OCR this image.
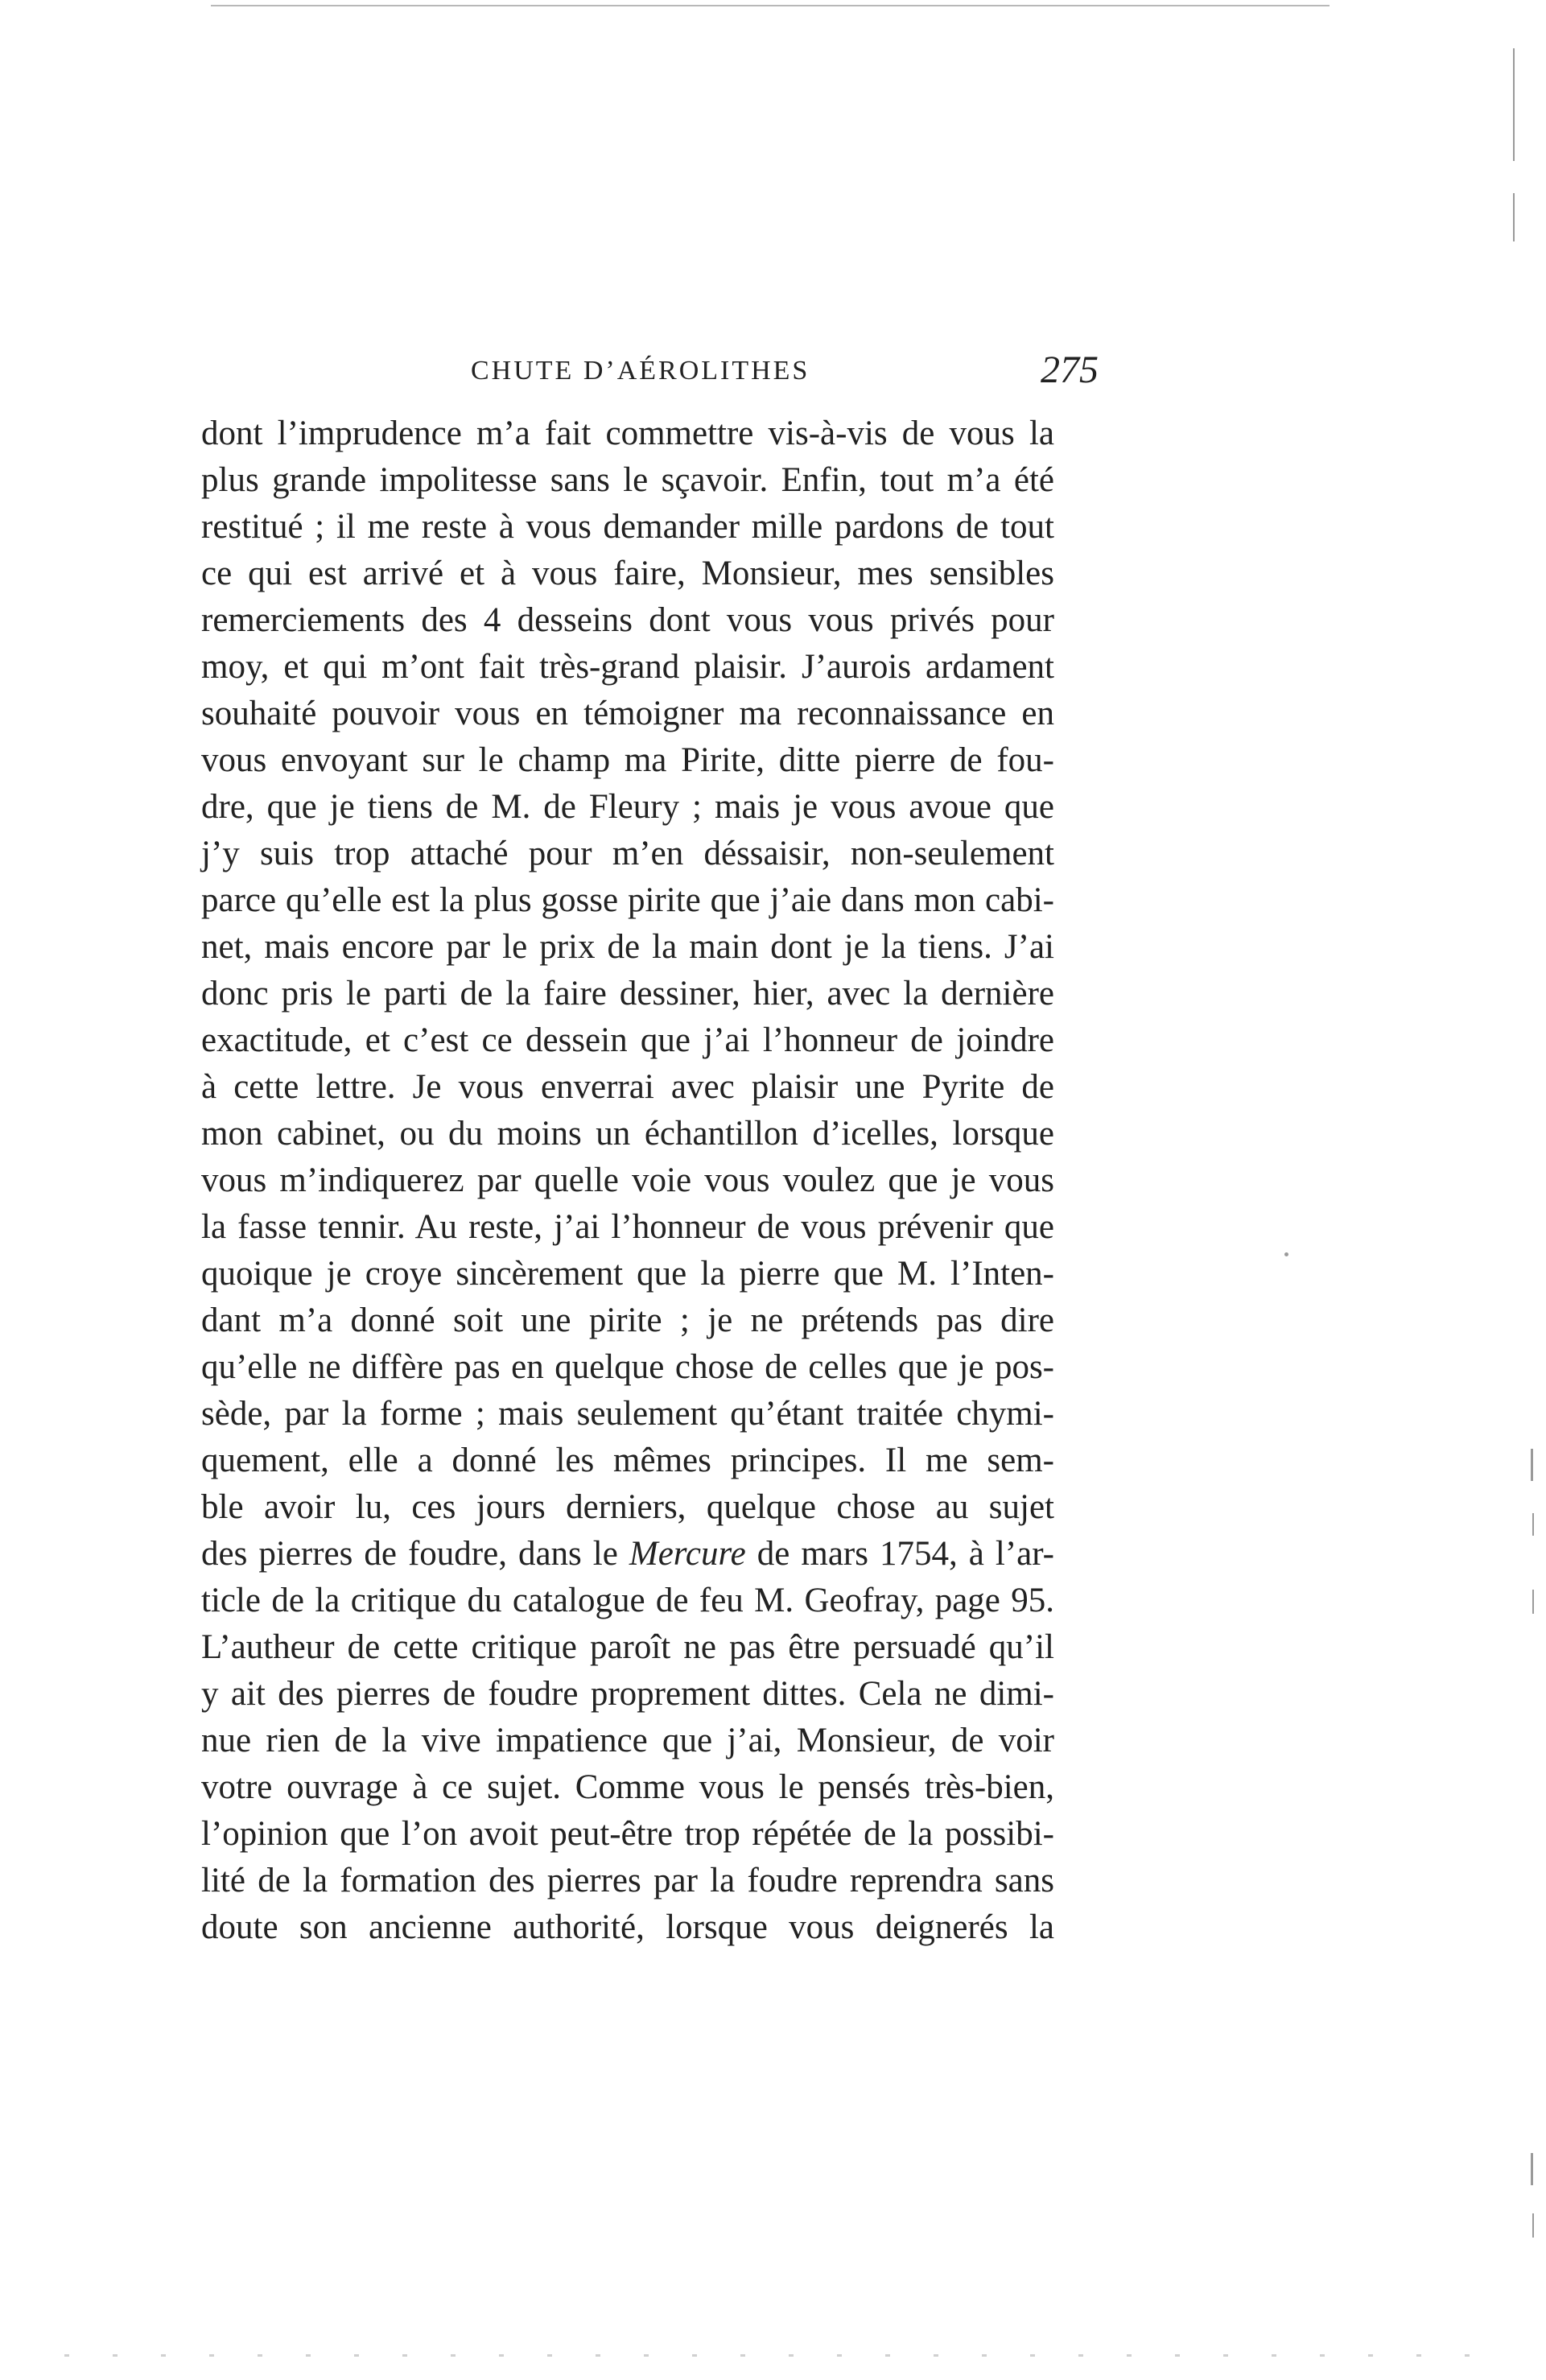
CHUTE D’AÉROLITHES	275
dont l’imprudence m’a fait commettre vis-à-vis de vous la
plus grande impolitesse sans le sçavoir. Enfin, tout m’a été
restitué ; il me reste à vous demander mille pardons de tout
ce qui est arrivé et à vous faire, Monsieur, mes sensibles
remerciements des 4 desseins dont vous vous privés pour
moy, et qui m’ont fait très-grand plaisir. J’aurois ardament
souhaité pouvoir vous en témoigner ma reconnaissance en
vous envoyant sur le champ ma Pirite, ditte pierre de fou-
dre, que je tiens de M. de Fleury ; mais je vous avoue que
j’y suis trop attaché pour m’en déssaisir, non-seulement
parce qu’elle est la plus gosse pirite que j’aie dans mon cabi-
net, mais encore par le prix de la main dont je la tiens. J’ai
donc pris le parti de la faire dessiner, hier, avec la dernière
exactitude, et c’est ce dessein que j’ai l’honneur de joindre
à cette lettre. Je vous enverrai avec plaisir une Pyrite de
mon cabinet, ou du moins un échantillon d’icelles, lorsque
vous m’indiquerez par quelle voie vous voulez que je vous
la fasse tennir. Au reste, j’ai l’honneur de vous prévenir que
quoique je croye sincèrement que la pierre que M. l’Inten-
dant m’a donné soit une pirite ; je ne prétends pas dire
qu’elle ne diffère pas en quelque chose de celles que je pos-
sède, par la forme ; mais seulement qu’étant traitée chymi-
quement, elle a donné les mêmes principes. Il me sem-
ble avoir lu, ces jours derniers, quelque chose au sujet
des pierres de foudre, dans le Mercure de mars 1754, à l’ar-
ticle de la critique du catalogue de feu M. Geofray, page 95.
L’autheur de cette critique paroît ne pas être persuadé qu’il
y ait des pierres de foudre proprement dittes. Cela ne dimi-
nue rien de la vive impatience que j’ai, Monsieur, de voir
votre ouvrage à ce sujet. Comme vous le pensés très-bien,
l’opinion que l’on avoit peut-être trop répétée de la possibi-
lité de la formation des pierres par la foudre reprendra sans
doute son ancienne authorité, lorsque vous deignerés la
